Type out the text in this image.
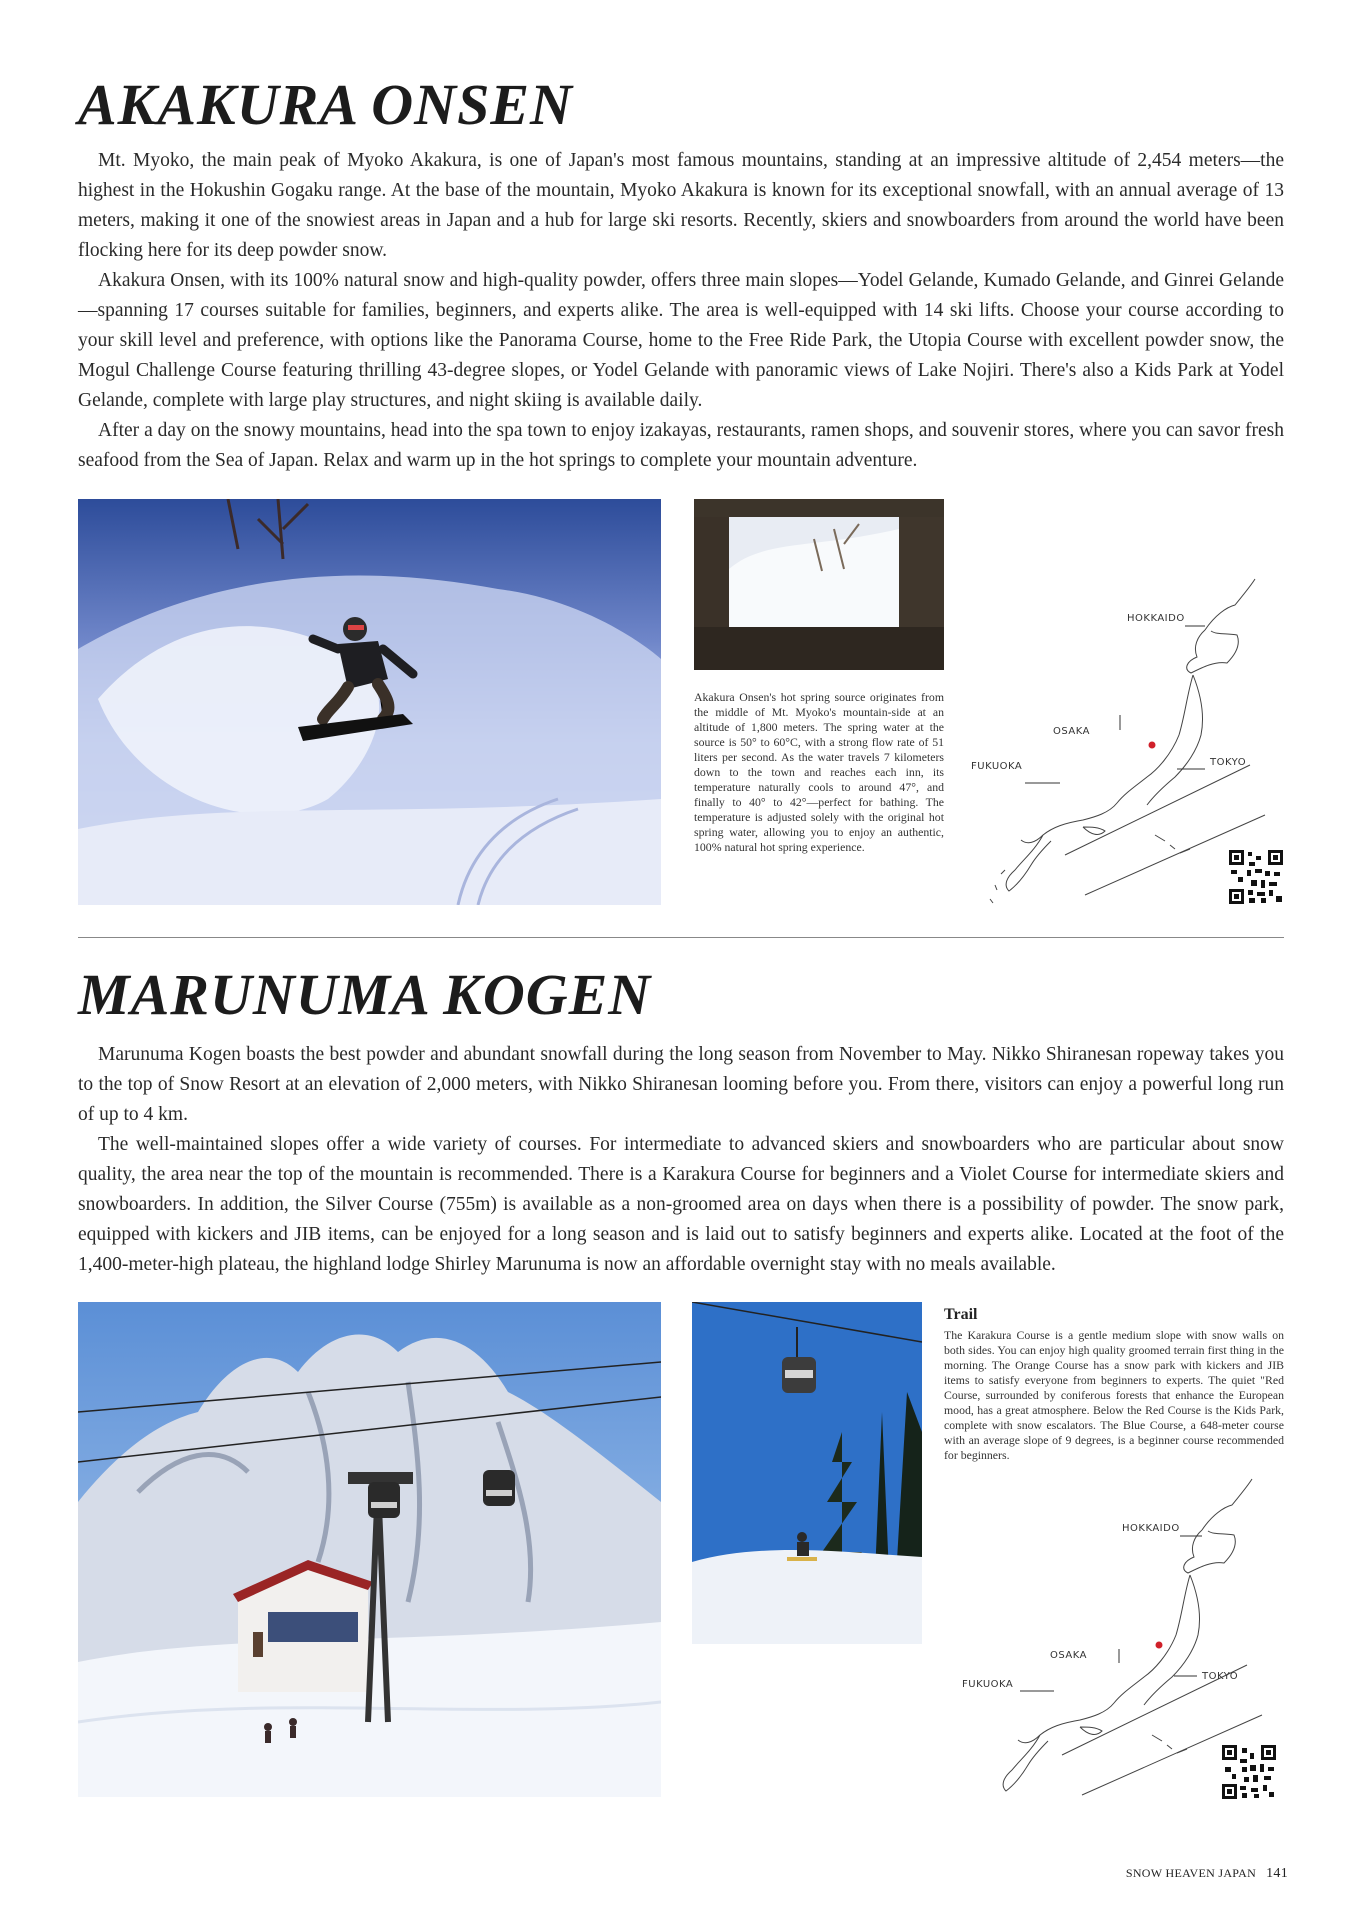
AKAKURA ONSEN

Mt. Myoko, the main peak of Myoko Akakura, is one of Japan's most famous mountains, standing at an impressive altitude of 2,454 meters—the highest in the Hokushin Gogaku range. At the base of the mountain, Myoko Akakura is known for its exceptional snowfall, with an annual average of 13 meters, making it one of the snowiest areas in Japan and a hub for large ski resorts. Recently, skiers and snowboarders from around the world have been flocking here for its deep powder snow.

Akakura Onsen, with its 100% natural snow and high-quality powder, offers three main slopes—Yodel Gelande, Kumado Gelande, and Ginrei Gelande—spanning 17 courses suitable for families, beginners, and experts alike. The area is well-equipped with 14 ski lifts. Choose your course according to your skill level and preference, with options like the Panorama Course, home to the Free Ride Park, the Utopia Course with excellent powder snow, the Mogul Challenge Course featuring thrilling 43-degree slopes, or Yodel Gelande with panoramic views of Lake Nojiri. There's also a Kids Park at Yodel Gelande, complete with large play structures, and night skiing is available daily.

After a day on the snowy mountains, head into the spa town to enjoy izakayas, restaurants, ramen shops, and souvenir stores, where you can savor fresh seafood from the Sea of Japan. Relax and warm up in the hot springs to complete your mountain adventure.

Akakura Onsen's hot spring source originates from the middle of Mt. Myoko's mountain-side at an altitude of 1,800 meters. The spring water at the source is 50° to 60°C, with a strong flow rate of 51 liters per second. As the water travels 7 kilometers down to the town and reaches each inn, its temperature naturally cools to around 47°, and finally to 40° to 42°—perfect for bathing. The temperature is adjusted solely with the original hot spring water, allowing you to enjoy an authentic, 100% natural hot spring experience.

HOKKAIDO
OSAKA
TOKYO
FUKUOKA
MARUNUMA KOGEN

Marunuma Kogen boasts the best powder and abundant snowfall during the long season from November to May. Nikko Shiranesan ropeway takes you to the top of Snow Resort at an elevation of 2,000 meters, with Nikko Shiranesan looming before you. From there, visitors can enjoy a powerful long run of up to 4 km.

The well-maintained slopes offer a wide variety of courses. For intermediate to advanced skiers and snowboarders who are particular about snow quality, the area near the top of the mountain is recommended. There is a Karakura Course for beginners and a Violet Course for intermediate skiers and snowboarders. In addition, the Silver Course (755m) is available as a non-groomed area on days when there is a possibility of powder. The snow park, equipped with kickers and JIB items, can be enjoyed for a long season and is laid out to satisfy beginners and experts alike. Located at the foot of the 1,400-meter-high plateau, the highland lodge Shirley Marunuma is now an affordable overnight stay with no meals available.

Trail

The Karakura Course is a gentle medium slope with snow walls on both sides. You can enjoy high quality groomed terrain first thing in the morning. The Orange Course has a snow park with kickers and JIB items to satisfy everyone from beginners to experts. The quiet "Red Course, surrounded by coniferous forests that enhance the European mood, has a great atmosphere. Below the Red Course is the Kids Park, complete with snow escalators. The Blue Course, a 648-meter course with an average slope of 9 degrees, is a beginner course recommended for beginners.

HOKKAIDO
OSAKA
TOKYO
FUKUOKA
SNOW HEAVEN JAPAN 141
